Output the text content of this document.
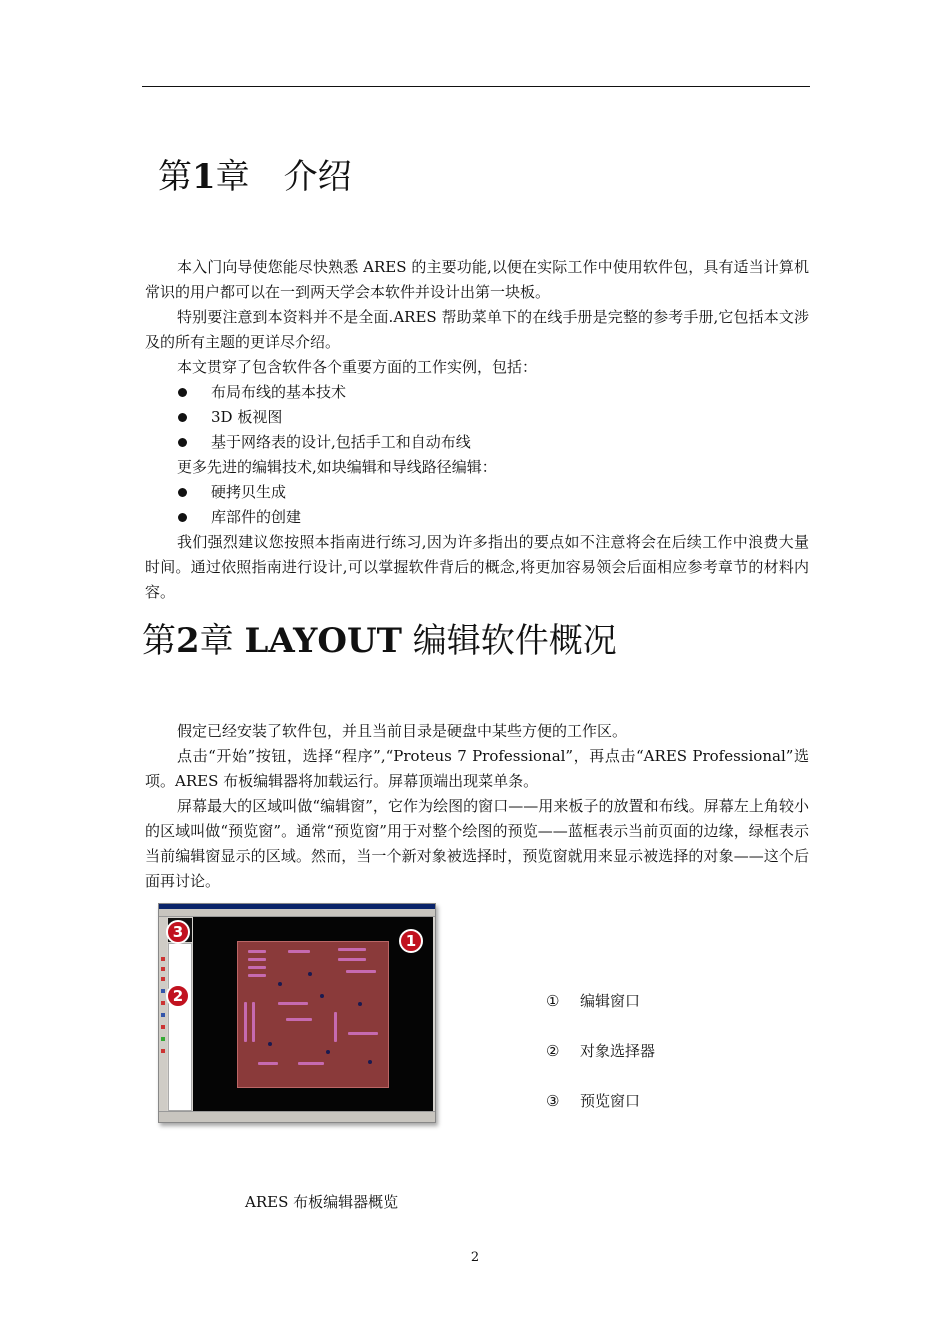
第1章　介绍

本入门向导使您能尽快熟悉 ARES 的主要功能,以便在实际工作中使用软件包，具有适当计算机常识的用户都可以在一到两天学会本软件并设计出第一块板。

特别要注意到本资料并不是全面.ARES 帮助菜单下的在线手册是完整的参考手册,它包括本文涉及的所有主题的更详尽介绍。

本文贯穿了包含软件各个重要方面的工作实例，包括：

布局布线的基本技术
3D 板视图
基于网络表的设计,包括手工和自动布线

更多先进的编辑技术,如块编辑和导线路径编辑：

硬拷贝生成
库部件的创建

我们强烈建议您按照本指南进行练习,因为许多指出的要点如不注意将会在后续工作中浪费大量时间。通过依照指南进行设计,可以掌握软件背后的概念,将更加容易领会后面相应参考章节的材料内容。

第2章 LAYOUT 编辑软件概况

假定已经安装了软件包，并且当前目录是硬盘中某些方便的工作区。

点击“开始”按钮，选择“程序”,“Proteus 7 Professional”，再点击“ARES Professional”选项。ARES 布板编辑器将加载运行。屏幕顶端出现菜单条。

屏幕最大的区域叫做“编辑窗”，它作为绘图的窗口——用来板子的放置和布线。屏幕左上角较小的区域叫做“预览窗”。通常“预览窗”用于对整个绘图的预览——蓝框表示当前页面的边缘，绿框表示当前编辑窗显示的区域。然而，当一个新对象被选择时，预览窗就用来显示被选择的对象——这个后面再讨论。

1
2
3
① 编辑窗口
② 对象选择器
③ 预览窗口
ARES 布板编辑器概览
2
